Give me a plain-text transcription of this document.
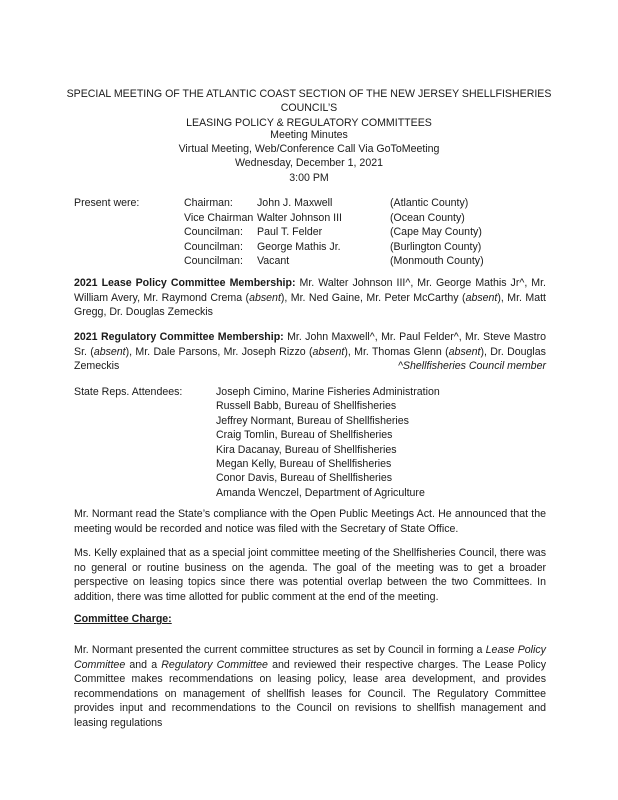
SPECIAL MEETING OF THE ATLANTIC COAST SECTION OF THE NEW JERSEY SHELLFISHERIES COUNCIL’S
LEASING POLICY & REGULATORY COMMITTEES
Meeting Minutes
Virtual Meeting, Web/Conference Call Via GoToMeeting
Wednesday, December 1, 2021
3:00 PM
Present were:	Chairman: John J. Maxwell	(Atlantic County)
Vice Chairman Walter Johnson III	(Ocean County)
Councilman: Paul T. Felder	(Cape May County)
Councilman: George Mathis Jr.	(Burlington County)
Councilman: Vacant	(Monmouth County)
2021 Lease Policy Committee Membership: Mr. Walter Johnson III^, Mr. George Mathis Jr^, Mr. William Avery, Mr. Raymond Crema (absent), Mr. Ned Gaine, Mr. Peter McCarthy (absent), Mr. Matt Gregg, Dr. Douglas Zemeckis
2021 Regulatory Committee Membership: Mr. John Maxwell^, Mr. Paul Felder^, Mr. Steve Mastro Sr. (absent), Mr. Dale Parsons, Mr. Joseph Rizzo (absent), Mr. Thomas Glenn (absent), Dr. Douglas Zemeckis	^Shellfisheries Council member
State Reps. Attendees:	Joseph Cimino, Marine Fisheries Administration
Russell Babb, Bureau of Shellfisheries
Jeffrey Normant, Bureau of Shellfisheries
Craig Tomlin, Bureau of Shellfisheries
Kira Dacanay, Bureau of Shellfisheries
Megan Kelly, Bureau of Shellfisheries
Conor Davis, Bureau of Shellfisheries
Amanda Wenczel, Department of Agriculture
Mr. Normant read the State’s compliance with the Open Public Meetings Act. He announced that the meeting would be recorded and notice was filed with the Secretary of State Office.
Ms. Kelly explained that as a special joint committee meeting of the Shellfisheries Council, there was no general or routine business on the agenda. The goal of the meeting was to get a broader perspective on leasing topics since there was potential overlap between the two Committees. In addition, there was time allotted for public comment at the end of the meeting.
Committee Charge:
Mr. Normant presented the current committee structures as set by Council in forming a Lease Policy Committee and a Regulatory Committee and reviewed their respective charges. The Lease Policy Committee makes recommendations on leasing policy, lease area development, and provides recommendations on management of shellfish leases for Council. The Regulatory Committee provides input and recommendations to the Council on revisions to shellfish management and leasing regulations
